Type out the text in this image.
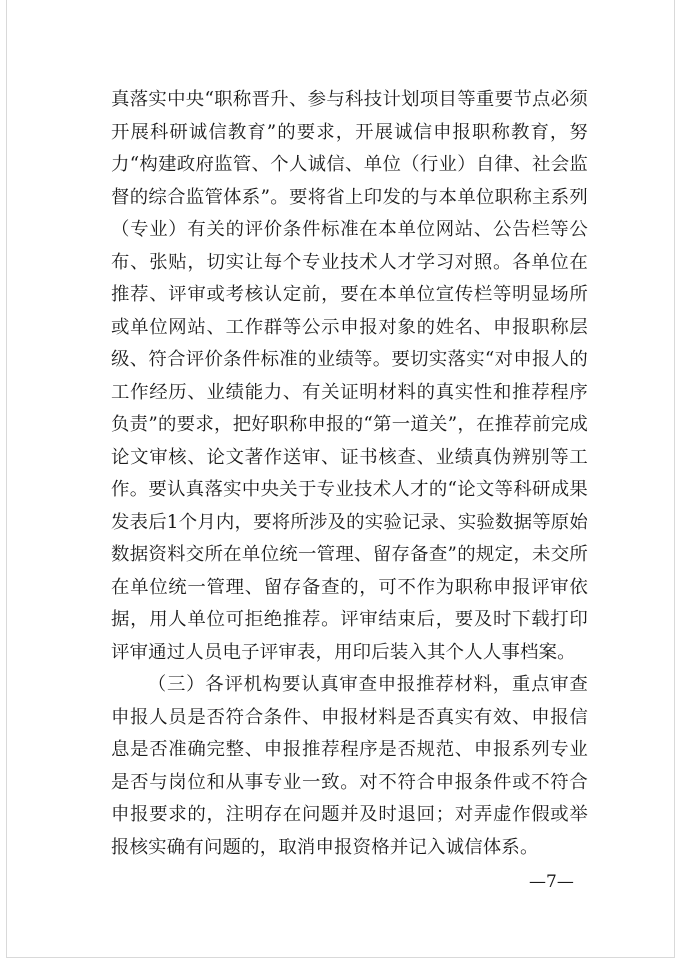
真落实中央“职称晋升、参与科技计划项目等重要节点必须开展科研诚信教育”的要求，开展诚信申报职称教育，努力“构建政府监管、个人诚信、单位（行业）自律、社会监督的综合监管体系”。要将省上印发的与本单位职称主系列（专业）有关的评价条件标准在本单位网站、公告栏等公布、张贴，切实让每个专业技术人才学习对照。各单位在推荐、评审或考核认定前，要在本单位宣传栏等明显场所或单位网站、工作群等公示申报对象的姓名、申报职称层级、符合评价条件标准的业绩等。要切实落实“对申报人的工作经历、业绩能力、有关证明材料的真实性和推荐程序负责”的要求，把好职称申报的“第一道关”，在推荐前完成论文审核、论文著作送审、证书核查、业绩真伪辨别等工作。要认真落实中央关于专业技术人才的“论文等科研成果发表后1个月内，要将所涉及的实验记录、实验数据等原始数据资料交所在单位统一管理、留存备查”的规定，未交所在单位统一管理、留存备查的，可不作为职称申报评审依据，用人单位可拒绝推荐。评审结束后，要及时下载打印评审通过人员电子评审表，用印后装入其个人人事档案。

（三）各评机构要认真审查申报推荐材料，重点审查申报人员是否符合条件、申报材料是否真实有效、申报信息是否准确完整、申报推荐程序是否规范、申报系列专业是否与岗位和从事专业一致。对不符合申报条件或不符合申报要求的，注明存在问题并及时退回；对弄虚作假或举报核实确有问题的，取消申报资格并记入诚信体系。

—7—
